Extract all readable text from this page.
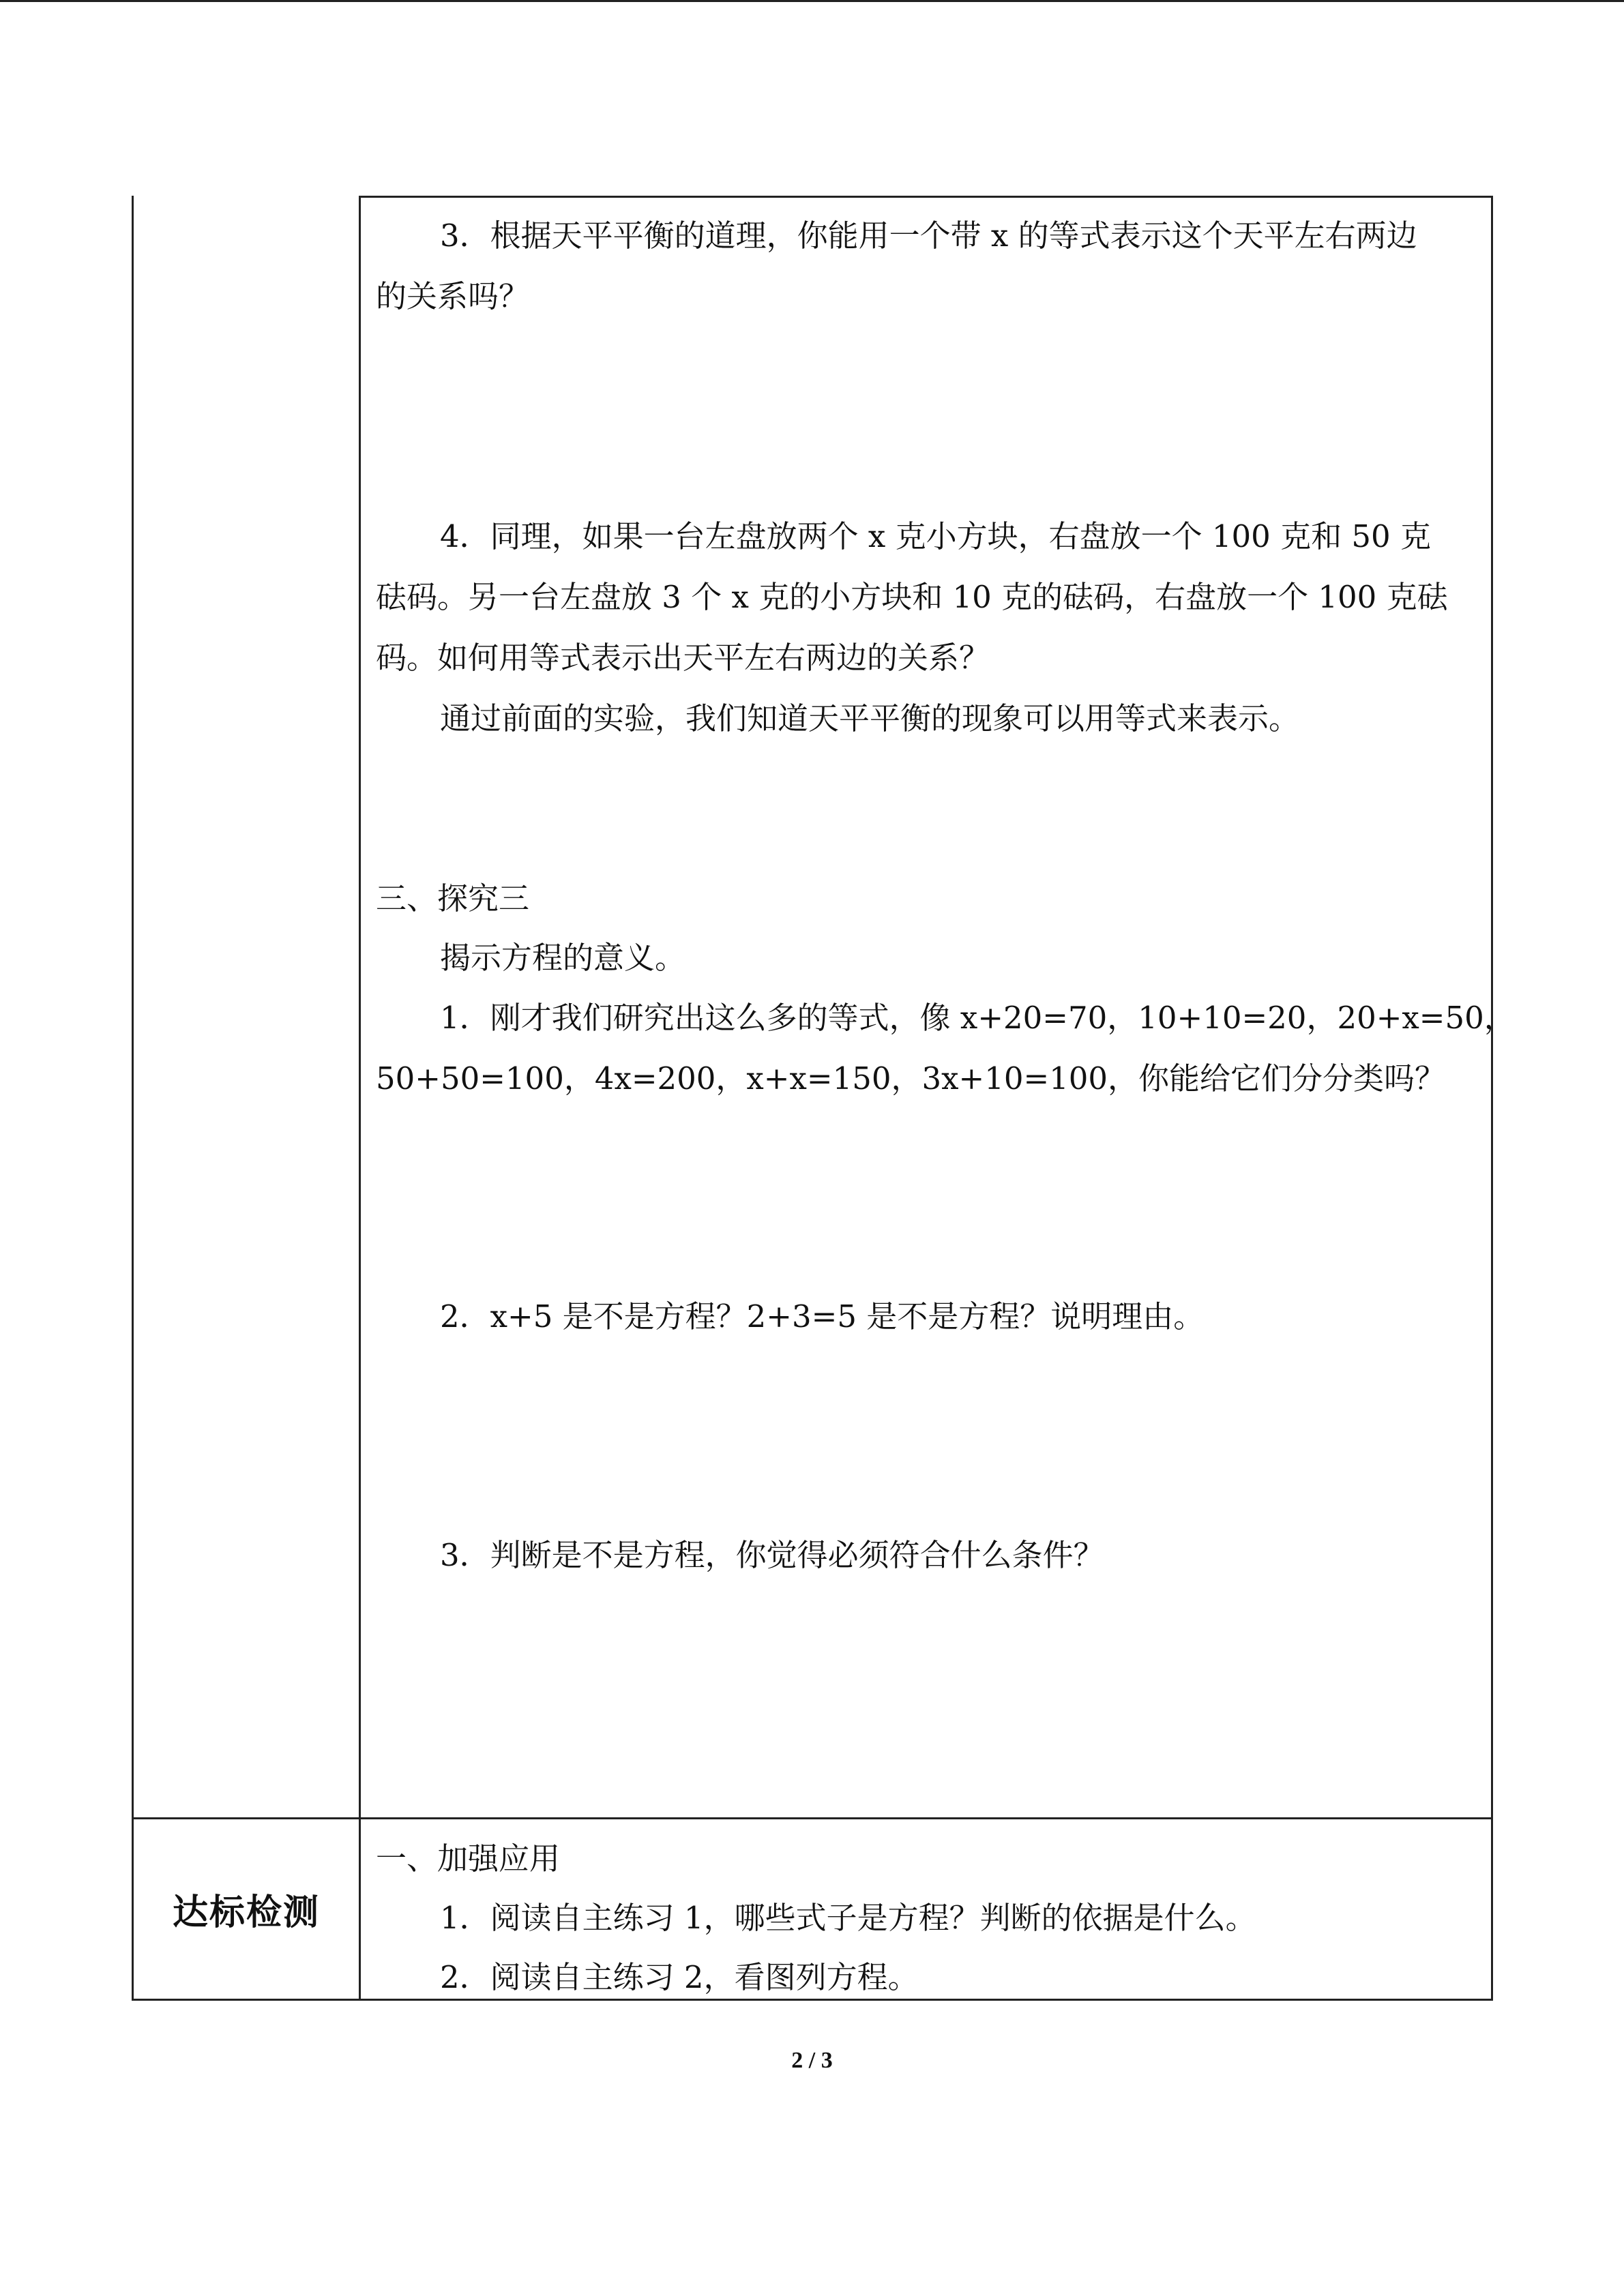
3．根据天平平衡的道理，你能用一个带 x 的等式表示这个天平左右两边
的关系吗？
4．同理，如果一台左盘放两个 x 克小方块，右盘放一个 100 克和 50 克
砝码。另一台左盘放 3 个 x 克的小方块和 10 克的砝码，右盘放一个 100 克砝
码。如何用等式表示出天平左右两边的关系？
通过前面的实验，我们知道天平平衡的现象可以用等式来表示。
三、探究三
揭示方程的意义。
1．刚才我们研究出这么多的等式，像 x+20=70，10+10=20，20+x=50，
50+50=100，4x=200，x+x=150，3x+10=100，你能给它们分分类吗？
2．x+5 是不是方程？2+3=5 是不是方程？说明理由。
3．判断是不是方程，你觉得必须符合什么条件？
达标检测
一、加强应用
1．阅读自主练习 1，哪些式子是方程？判断的依据是什么。
2．阅读自主练习 2，看图列方程。
2 / 3
